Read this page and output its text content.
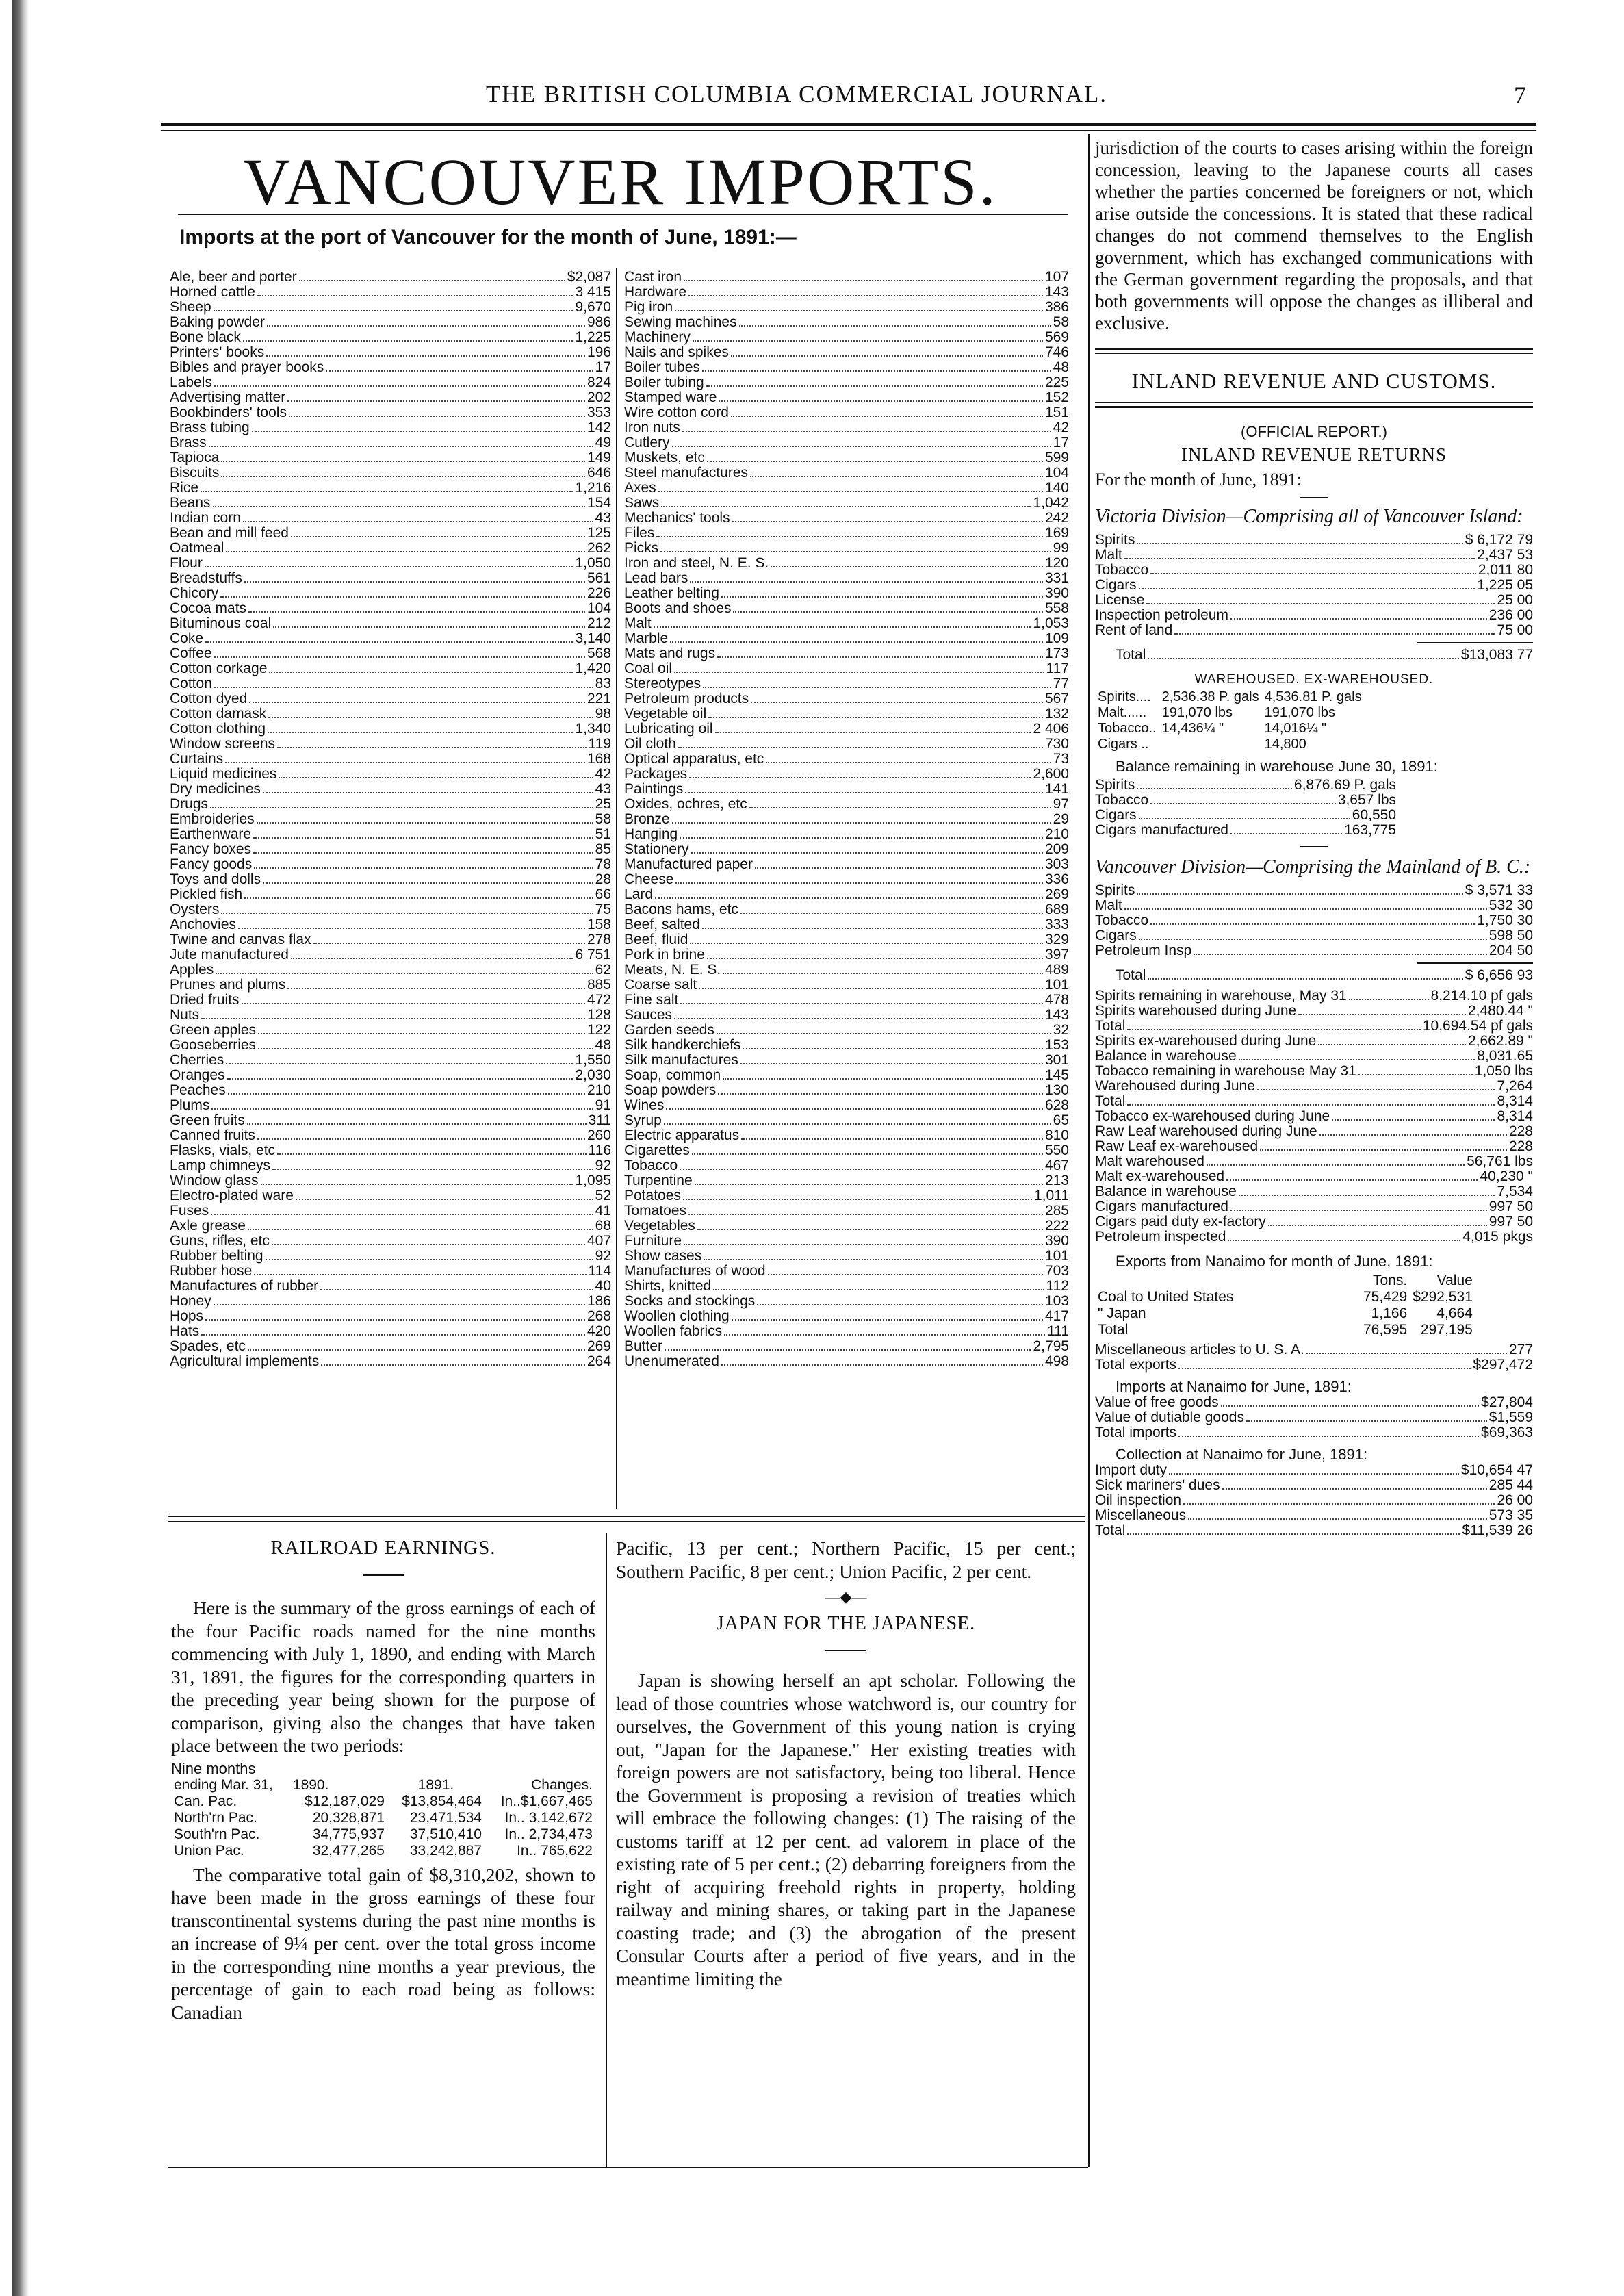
THE BRITISH COLUMBIA COMMERCIAL JOURNAL.	7
VANCOUVER IMPORTS.
Imports at the port of Vancouver for the month of June, 1891:—
Ale, beer and porter	$2,087
Horned cattle	3 415
Sheep	9,670
Baking powder	986
Bone black	1,225
Printers' books	196
Bibles and prayer books	17
Labels	824
Advertising matter	202
Bookbinders' tools	353
Brass tubing	142
Brass	49
Tapioca	149
Biscuits	646
Rice	1,216
Beans	154
Indian corn	43
Bean and mill feed	125
Oatmeal	262
Flour	1,050
Breadstuffs	561
Chicory	226
Cocoa mats	104
Bituminous coal	212
Coke	3,140
Coffee	568
Cotton corkage	1,420
Cotton	83
Cotton dyed	221
Cotton damask	98
Cotton clothing	1,340
Window screens	119
Curtains	168
Liquid medicines	42
Dry medicines	43
Drugs	25
Embroideries	58
Earthenware	51
Fancy boxes	85
Fancy goods	78
Toys and dolls	28
Pickled fish	66
Oysters	75
Anchovies	158
Twine and canvas flax	278
Jute manufactured	6 751
Apples	62
Prunes and plums	885
Dried fruits	472
Nuts	128
Green apples	122
Gooseberries	48
Cherries	1,550
Oranges	2,030
Peaches	210
Plums	91
Green fruits	311
Canned fruits	260
Flasks, vials, etc	116
Lamp chimneys	92
Window glass	1,095
Electro-plated ware	52
Fuses	41
Axle grease	68
Guns, rifles, etc	407
Rubber belting	92
Rubber hose	114
Manufactures of rubber	40
Honey	186
Hops	268
Hats	420
Spades, etc	269
Agricultural implements	264
Cast iron	107
Hardware	143
Pig iron	386
Sewing machines	58
Machinery	569
Nails and spikes	746
Boiler tubes	48
Boiler tubing	225
Stamped ware	152
Wire cotton cord	151
Iron nuts	42
Cutlery	17
Muskets, etc	599
Steel manufactures	104
Axes	140
Saws	1,042
Mechanics' tools	242
Files	169
Picks	99
Iron and steel, N. E. S.	120
Lead bars	331
Leather belting	390
Boots and shoes	558
Malt	1,053
Marble	109
Mats and rugs	173
Coal oil	117
Stereotypes	77
Petroleum products	567
Vegetable oil	132
Lubricating oil	2 406
Oil cloth	730
Optical apparatus, etc	73
Packages	2,600
Paintings	141
Oxides, ochres, etc	97
Bronze	29
Hanging	210
Stationery	209
Manufactured paper	303
Cheese	336
Lard	269
Bacons hams, etc	689
Beef, salted	333
Beef, fluid	329
Pork in brine	397
Meats, N. E. S.	489
Coarse salt	101
Fine salt	478
Sauces	143
Garden seeds	32
Silk handkerchiefs	153
Silk manufactures	301
Soap, common	145
Soap powders	130
Wines	628
Syrup	65
Electric apparatus	810
Cigarettes	550
Tobacco	467
Turpentine	213
Potatoes	1,011
Tomatoes	285
Vegetables	222
Furniture	390
Show cases	101
Manufactures of wood	703
Shirts, knitted	112
Socks and stockings	103
Woollen clothing	417
Woollen fabrics	111
Butter	2,795
Unenumerated	498
RAILROAD EARNINGS.
Here is the summary of the gross earnings of each of the four Pacific roads named for the nine months commencing with July 1, 1890, and ending with March 31, 1891, the figures for the corresponding quarters in the preceding year being shown for the purpose of comparison, giving also the changes that have taken place between the two periods:
Nine months
ending Mar. 31,	1890.	1891.	Changes.
Can. Pac.	$12,187,029	$13,854,464	In..$1,667,465
North'rn Pac.	20,328,871	23,471,534	In.. 3,142,672
South'rn Pac.	34,775,937	37,510,410	In.. 2,734,473
Union Pac.	32,477,265	33,242,887	In.. 765,622
The comparative total gain of $8,310,202, shown to have been made in the gross earnings of these four transcontinental systems during the past nine months is an increase of 9¼ per cent. over the total gross income in the corresponding nine months a year previous, the percentage of gain to each road being as follows: Canadian
Pacific, 13 per cent.; Northern Pacific, 15 per cent.; Southern Pacific, 8 per cent.; Union Pacific, 2 per cent.
—◆—
JAPAN FOR THE JAPANESE.
Japan is showing herself an apt scholar. Following the lead of those countries whose watchword is, our country for ourselves, the Government of this young nation is crying out, "Japan for the Japanese." Her existing treaties with foreign powers are not satisfactory, being too liberal. Hence the Government is proposing a revision of treaties which will embrace the following changes: (1) The raising of the customs tariff at 12 per cent. ad valorem in place of the existing rate of 5 per cent.; (2) debarring foreigners from the right of acquiring freehold rights in property, holding railway and mining shares, or taking part in the Japanese coasting trade; and (3) the abrogation of the present Consular Courts after a period of five years, and in the meantime limiting the
jurisdiction of the courts to cases arising within the foreign concession, leaving to the Japanese courts all cases whether the parties concerned be foreigners or not, which arise outside the concessions. It is stated that these radical changes do not commend themselves to the English government, which has exchanged communications with the German government regarding the proposals, and that both governments will oppose the changes as illiberal and exclusive.
INLAND REVENUE AND CUSTOMS.
(OFFICIAL REPORT.)
INLAND REVENUE RETURNS
For the month of June, 1891:
Victoria Division—Comprising all of Vancouver Island:
Spirits	$ 6,172 79
Malt	2,437 53
Tobacco	2,011 80
Cigars	1,225 05
License	25 00
Inspection petroleum	236 00
Rent of land	75 00
Total	$13,083 77
WAREHOUSED. EX-WAREHOUSED.
Spirits....	2,536.38 P. gals	4,536.81 P. gals
Malt......	191,070 lbs	191,070 lbs
Tobacco..	14,436¼ "	14,016¼ "
Cigars ..		14,800
Balance remaining in warehouse June 30, 1891:
Spirits	6,876.69 P. gals
Tobacco	3,657 lbs
Cigars	60,550
Cigars manufactured	163,775
Vancouver Division—Comprising the Mainland of B. C.:
Spirits	$ 3,571 33
Malt	532 30
Tobacco	1,750 30
Cigars	598 50
Petroleum Insp	204 50
Total	$ 6,656 93
Spirits remaining in warehouse, May 31	8,214.10 pf gals
Spirits warehoused during June	2,480.44 "
Total	10,694.54 pf gals
Spirits ex-warehoused during June	2,662.89 "
Balance in warehouse	8,031.65
Tobacco remaining in warehouse May 31	1,050 lbs
Warehoused during June	7,264
Total	8,314
Tobacco ex-warehoused during June	8,314
Raw Leaf warehoused during June	228
Raw Leaf ex-warehoused	228
Malt warehoused	56,761 lbs
Malt ex-warehoused	40,230 "
Balance in warehouse	7,534
Cigars manufactured	997 50
Cigars paid duty ex-factory	997 50
Petroleum inspected	4,015 pkgs
Exports from Nanaimo for month of June, 1891:
	Tons.	Value
Coal to United States	75,429	$292,531
" Japan	1,166	4,664
Total	76,595	297,195
Miscellaneous articles to U. S. A.	277
Total exports	$297,472
Imports at Nanaimo for June, 1891:
Value of free goods	$27,804
Value of dutiable goods	$1,559
Total imports	$69,363
Collection at Nanaimo for June, 1891:
Import duty	$10,654 47
Sick mariners' dues	285 44
Oil inspection	26 00
Miscellaneous	573 35
Total	$11,539 26
